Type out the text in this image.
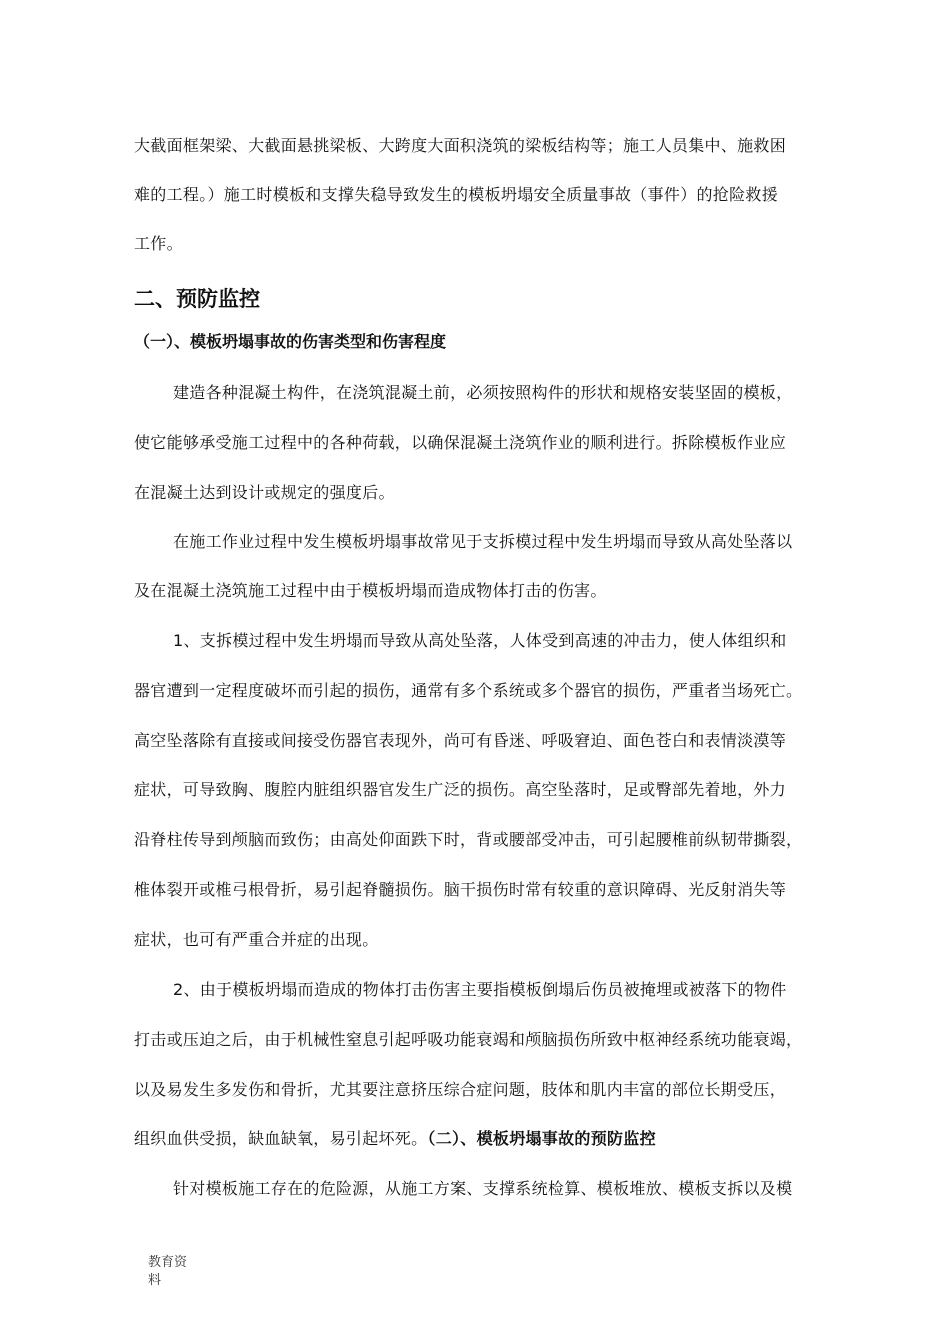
大截面框架梁、大截面悬挑梁板、大跨度大面积浇筑的梁板结构等；施工人员集中、施救困
难的工程。）施工时模板和支撑失稳导致发生的模板坍塌安全质量事故（事件）的抢险救援
工作。
二、预防监控
（一）、模板坍塌事故的伤害类型和伤害程度
建造各种混凝土构件，在浇筑混凝土前，必须按照构件的形状和规格安装坚固的模板，
使它能够承受施工过程中的各种荷载，以确保混凝土浇筑作业的顺利进行。拆除模板作业应
在混凝土达到设计或规定的强度后。
在施工作业过程中发生模板坍塌事故常见于支拆模过程中发生坍塌而导致从高处坠落以
及在混凝土浇筑施工过程中由于模板坍塌而造成物体打击的伤害。
1、支拆模过程中发生坍塌而导致从高处坠落，人体受到高速的冲击力，使人体组织和
器官遭到一定程度破坏而引起的损伤，通常有多个系统或多个器官的损伤，严重者当场死亡。
高空坠落除有直接或间接受伤器官表现外，尚可有昏迷、呼吸窘迫、面色苍白和表情淡漠等
症状，可导致胸、腹腔内脏组织器官发生广泛的损伤。高空坠落时，足或臀部先着地，外力
沿脊柱传导到颅脑而致伤；由高处仰面跌下时，背或腰部受冲击，可引起腰椎前纵韧带撕裂，
椎体裂开或椎弓根骨折，易引起脊髓损伤。脑干损伤时常有较重的意识障碍、光反射消失等
症状，也可有严重合并症的出现。
2、由于模板坍塌而造成的物体打击伤害主要指模板倒塌后伤员被掩埋或被落下的物件
打击或压迫之后，由于机械性窒息引起呼吸功能衰竭和颅脑损伤所致中枢神经系统功能衰竭，
以及易发生多发伤和骨折，尤其要注意挤压综合症问题，肢体和肌内丰富的部位长期受压，
组织血供受损，缺血缺氧，易引起坏死。（二）、模板坍塌事故的预防监控
针对模板施工存在的危险源，从施工方案、支撑系统检算、模板堆放、模板支拆以及模
教育资
料
